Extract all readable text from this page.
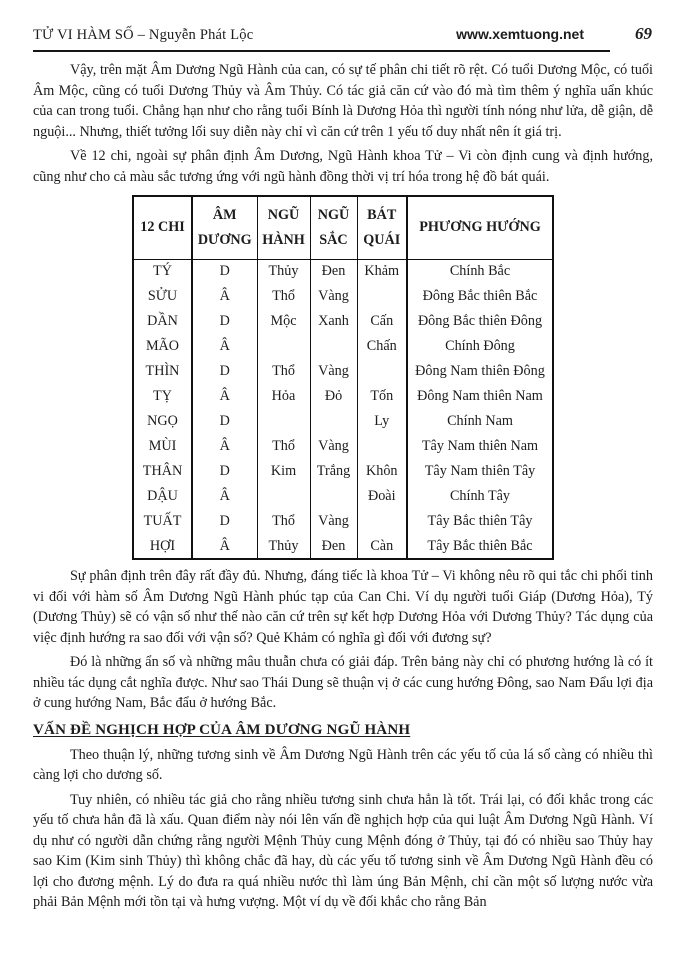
TỬ VI HÀM SỐ – Nguyễn Phát Lộc	www.xemtuong.net	69

Vậy, trên mặt Âm Dương Ngũ Hành của can, có sự tế phân chi tiết rõ rệt. Có tuổi Dương Mộc, có tuổi Âm Mộc, cũng có tuổi Dương Thủy và Âm Thủy. Có tác giả căn cứ vào đó mà tìm thêm ý nghĩa uẩn khúc của can trong tuổi. Chẳng hạn như cho rằng tuổi Bính là Dương Hỏa thì người tính nóng như lửa, dễ giận, dễ nguội... Nhưng, thiết tưởng lối suy diễn này chỉ vì căn cứ trên 1 yếu tố duy nhất nên ít giá trị.

Về 12 chi, ngoài sự phân định Âm Dương, Ngũ Hành khoa Tử – Vi còn định cung và định hướng, cũng như cho cả màu sắc tương ứng với ngũ hành đồng thời vị trí hóa trong hệ đồ bát quái.

12 CHI	ÂM DƯƠNG	NGŨ HÀNH	NGŨ SẮC	BÁT QUÁI	PHƯƠNG HƯỚNG
TÝ	D	Thủy	Đen	Khảm	Chính Bắc
SỬU	Â	Thổ	Vàng		Đông Bắc thiên Bắc
DẦN	D	Mộc	Xanh	Cấn	Đông Bắc thiên Đông
MÃO	Â			Chấn	Chính Đông
THÌN	D	Thổ	Vàng		Đông Nam thiên Đông
TỴ	Â	Hỏa	Đỏ	Tốn	Đông Nam thiên Nam
NGỌ	D			Ly	Chính Nam
MÙI	Â	Thổ	Vàng		Tây Nam thiên Nam
THÂN	D	Kim	Trắng	Khôn	Tây Nam thiên Tây
DẬU	Â			Đoài	Chính Tây
TUẤT	D	Thổ	Vàng		Tây Bắc thiên Tây
HỢI	Â	Thủy	Đen	Càn	Tây Bắc thiên Bắc

Sự phân định trên đây rất đầy đủ. Nhưng, đáng tiếc là khoa Tử – Vi không nêu rõ qui tắc chi phối tinh vi đối với hàm số Âm Dương Ngũ Hành phúc tạp của Can Chi. Ví dụ người tuổi Giáp (Dương Hỏa), Tý (Dương Thủy) sẽ có vận số như thế nào căn cứ trên sự kết hợp Dương Hỏa với Dương Thủy? Tác dụng của việc định hướng ra sao đối với vận số? Quẻ Khảm có nghĩa gì đối với đương sự?

Đó là những ẩn số và những mâu thuẫn chưa có giải đáp. Trên bảng này chỉ có phương hướng là có ít nhiều tác dụng cắt nghĩa được. Như sao Thái Dung sẽ thuận vị ở các cung hướng Đông, sao Nam Đẩu lợi địa ở cung hướng Nam, Bắc đẩu ở hướng Bắc.

VẤN ĐỀ NGHỊCH HỢP CỦA ÂM DƯƠNG NGŨ HÀNH

Theo thuận lý, những tương sinh về Âm Dương Ngũ Hành trên các yếu tố của lá số càng có nhiều thì càng lợi cho dương số.

Tuy nhiên, có nhiều tác giả cho rằng nhiều tương sinh chưa hẳn là tốt. Trái lại, có đối khắc trong các yếu tố chưa hẳn đã là xấu. Quan điểm này nói lên vấn đề nghịch hợp của qui luật Âm Dương Ngũ Hành. Ví dụ như có người dẫn chứng rằng người Mệnh Thủy cung Mệnh đóng ở Thủy, tại đó có nhiều sao Thủy hay sao Kim (Kim sinh Thủy) thì không chắc đã hay, dù các yếu tố tương sinh về Âm Dương Ngũ Hành đều có lợi cho đương mệnh. Lý do đưa ra quá nhiều nước thì làm úng Bản Mệnh, chỉ cần một số lượng nước vừa phải Bản Mệnh mới tồn tại và hưng vượng. Một ví dụ về đối khắc cho rằng Bản
